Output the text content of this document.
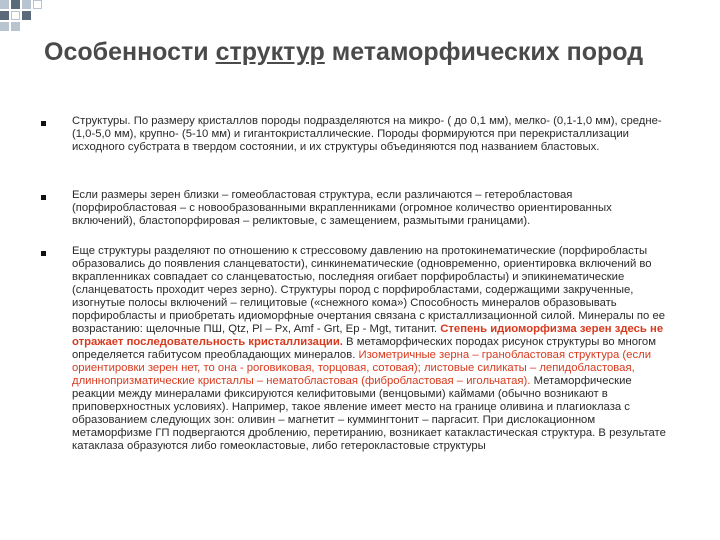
Особенности структур метаморфических пород
Структуры. По размеру кристаллов породы подразделяются на микро- ( до 0,1 мм), мелко- (0,1-1,0 мм), средне- (1,0-5,0 мм), крупно- (5-10 мм) и гигантокристаллические. Породы формируются при перекристаллизации исходного субстрата в твердом состоянии, и их структуры объединяются под названием бластовых.
Если размеры зерен близки – гомеобластовая структура, если различаются – гетеробластовая (порфиробластовая – с новообразованными вкрапленниками (огромное количество ориентированных включений), бластопорфировая – реликтовые, с замещением, размытыми границами).
Еще структуры разделяют по отношению к стрессовому давлению на протокинематические (порфиробласты образовались до появления сланцеватости), синкинематические (одновременно, ориентировка включений во вкрапленниках совпадает со сланцеватостью, последняя огибает порфиробласты) и эпикинематические (сланцеватость проходит через зерно). Структуры пород с порфиробластами, содержащими закрученные, изогнутые полосы включений – гелицитовые («снежного кома») Способность минералов образовывать порфиробласты и приобретать идиоморфные очертания связана с кристаллизационной силой. Минералы по ее возрастанию: щелочные ПШ, Qtz, Pl – Px, Amf - Grt, Ep - Mgt, титанит. Степень идиоморфизма зерен здесь не отражает последовательность кристаллизации. В метаморфических породах рисунок структуры во многом определяется габитусом преобладающих минералов. Изометричные зерна – гранобластовая структура (если ориентировки зерен нет, то она - роговиковая, торцовая, сотовая); листовые силикаты – лепидобластовая, длиннопризматические кристаллы – нематобластовая (фибробластовая – игольчатая). Метаморфические реакции между минералами фиксируются келифитовыми (венцовыми) каймами (обычно возникают в приповерхностных условиях). Например, такое явление имеет место на границе оливина и плагиоклаза с образованием следующих зон: оливин – магнетит – куммингтонит – паргасит. При дислокационном метаморфизме ГП подвергаются дроблению, перетиранию, возникает катакластическая структура. В результате катаклаза образуются либо гомеокластовые, либо гетерокластовые структуры
